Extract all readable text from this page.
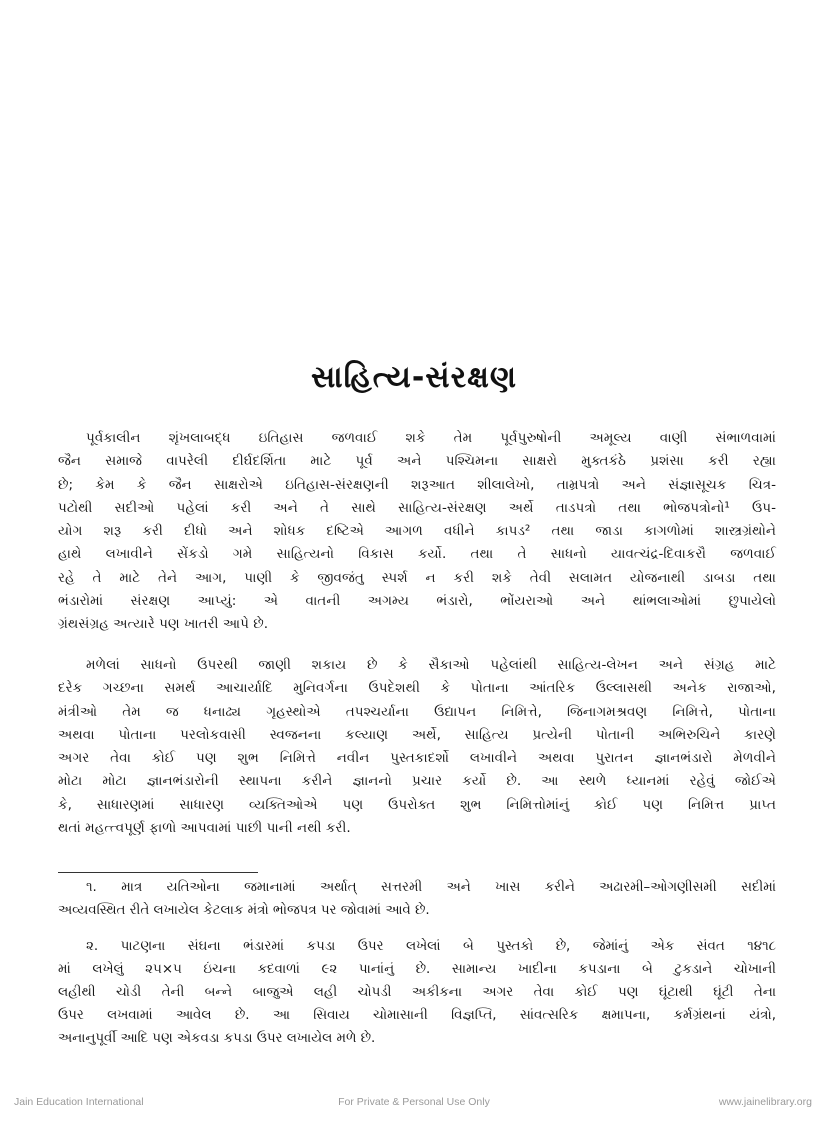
સાહિત્ય-સંરક્ષણ
પૂર્વકાલીન શૃંખલાબદ્ધ ઇતિહાસ જળવાઈ શકે તેમ પૂર્વપુરુષોની અમૂલ્ય વાણી સંભાળવામાં
જૈન સમાજે વાપરેલી દીર્ઘદર્શિતા માટે પૂર્વ અને પશ્ચિમના સાક્ષરો મુક્તકંઠે પ્રશંસા કરી રહ્યા
છે; કેમ કે જૈન સાક્ષરોએ ઇતિહાસ-સંરક્ષણની શરૂઆત શીલાલેખો, તામ્રપત્રો અને સંજ્ઞાસૂચક ચિત્ર-
પટોથી સદીઓ પહેલાં કરી અને તે સાથે સાહિત્ય-સંરક્ષણ અર્થે તાડપત્રો તથા ભોજપત્રોનો¹ ઉપ-
યોગ શરૂ કરી દીધો અને શોધક દષ્ટિએ આગળ વધીને કાપડ² તથા જાડા કાગળોમાં શાસ્ત્રગ્રંથોને
હાથે લખાવીને સેંકડો ગમે સાહિત્યનો વિકાસ કર્યો. તથા તે સાધનો યાવત્ચંદ્ર-દિવાકરૌ જળવાઈ
રહે તે માટે તેને આગ, પાણી કે જીવજંતુ સ્પર્શ ન કરી શકે તેવી સલામત યોજનાથી ડાબડા તથા
ભંડારોમાં સંરક્ષણ આપ્યું: એ વાતની અગમ્ય ભંડારો, ભોંયરાઓ અને થાંભલાઓમાં છુપાયેલો
ગ્રંથસંગ્રહ અત્યારે પણ ખાતરી આપે છે.
મળેલાં સાધનો ઉપરથી જાણી શકાય છે કે સૈકાઓ પહેલાંથી સાહિત્ય-લેખન અને સંગ્રહ માટે
દરેક ગચ્છના સમર્થ આચાર્યાદિ મુનિવર્ગના ઉપદેશથી કે પોતાના આંતરિક ઉલ્લાસથી અનેક રાજાઓ,
મંત્રીઓ તેમ જ ધનાઢ્ય ગૃહસ્થોએ તપશ્ચર્યાના ઉદ્યાપન નિમિત્તે, જિનાગમશ્રવણ નિમિત્તે, પોતાના
અથવા પોતાના પરલોકવાસી સ્વજનના કલ્યાણ અર્થે, સાહિત્ય પ્રત્યેની પોતાની અભિરુચિને કારણે
અગર તેવા કોઈ પણ શુભ નિમિત્તે નવીન પુસ્તકાદર્શો લખાવીને અથવા પુરાતન જ્ઞાનભંડારો મેળવીને
મોટા મોટા જ્ઞાનભંડારોની સ્થાપના કરીને જ્ઞાનનો પ્રચાર કર્યો છે. આ સ્થળે ધ્યાનમાં રહેવું જોઈએ
કે, સાધારણમાં સાધારણ વ્યક્તિઓએ પણ ઉપરોક્ત શુભ નિમિત્તોમાંનું કોઈ પણ નિમિત્ત પ્રાપ્ત
થતાં મહત્ત્વપૂર્ણ ફાળો આપવામાં પાછી પાની નથી કરી.
૧. માત્ર યતિઓના જમાનામાં અર્થાત્ સત્તરમી અને ખાસ કરીને અઢારમી–ઓગણીસમી સદીમાં
અવ્યવસ્થિત રીતે લખાયેલ કેટલાક મંત્રો ભોજપત્ર પર જોવામાં આવે છે.
૨. પાટણના સંઘના ભંડારમાં કપડા ઉપર લખેલાં બે પુસ્તકો છે, જેમાંનું એક સંવત ૧૪૧૮
માં લખેલું ૨૫×૫ ઇંચના કદવાળાં ૯૨ પાનાંનું છે. સામાન્ય ખાદીના કપડાના બે ટુકડાને ચોખાની
લહીથી ચોડી તેની બન્ને બાજુએ લહી ચોપડી અકીકના અગર તેવા કોઈ પણ ઘૂંટાથી ઘૂંટી તેના
ઉપર લખવામાં આવેલ છે. આ સિવાય ચોમાસાની વિજ્ઞપ્તિ, સાંવત્સરિક ક્ષમાપના, કર્મગ્રંથનાં યંત્રો,
અનાનુપૂર્વી આદિ પણ એકવડા કપડા ઉપર લખાયેલ મળે છે.
Jain Education International	For Private & Personal Use Only	www.jainelibrary.org
